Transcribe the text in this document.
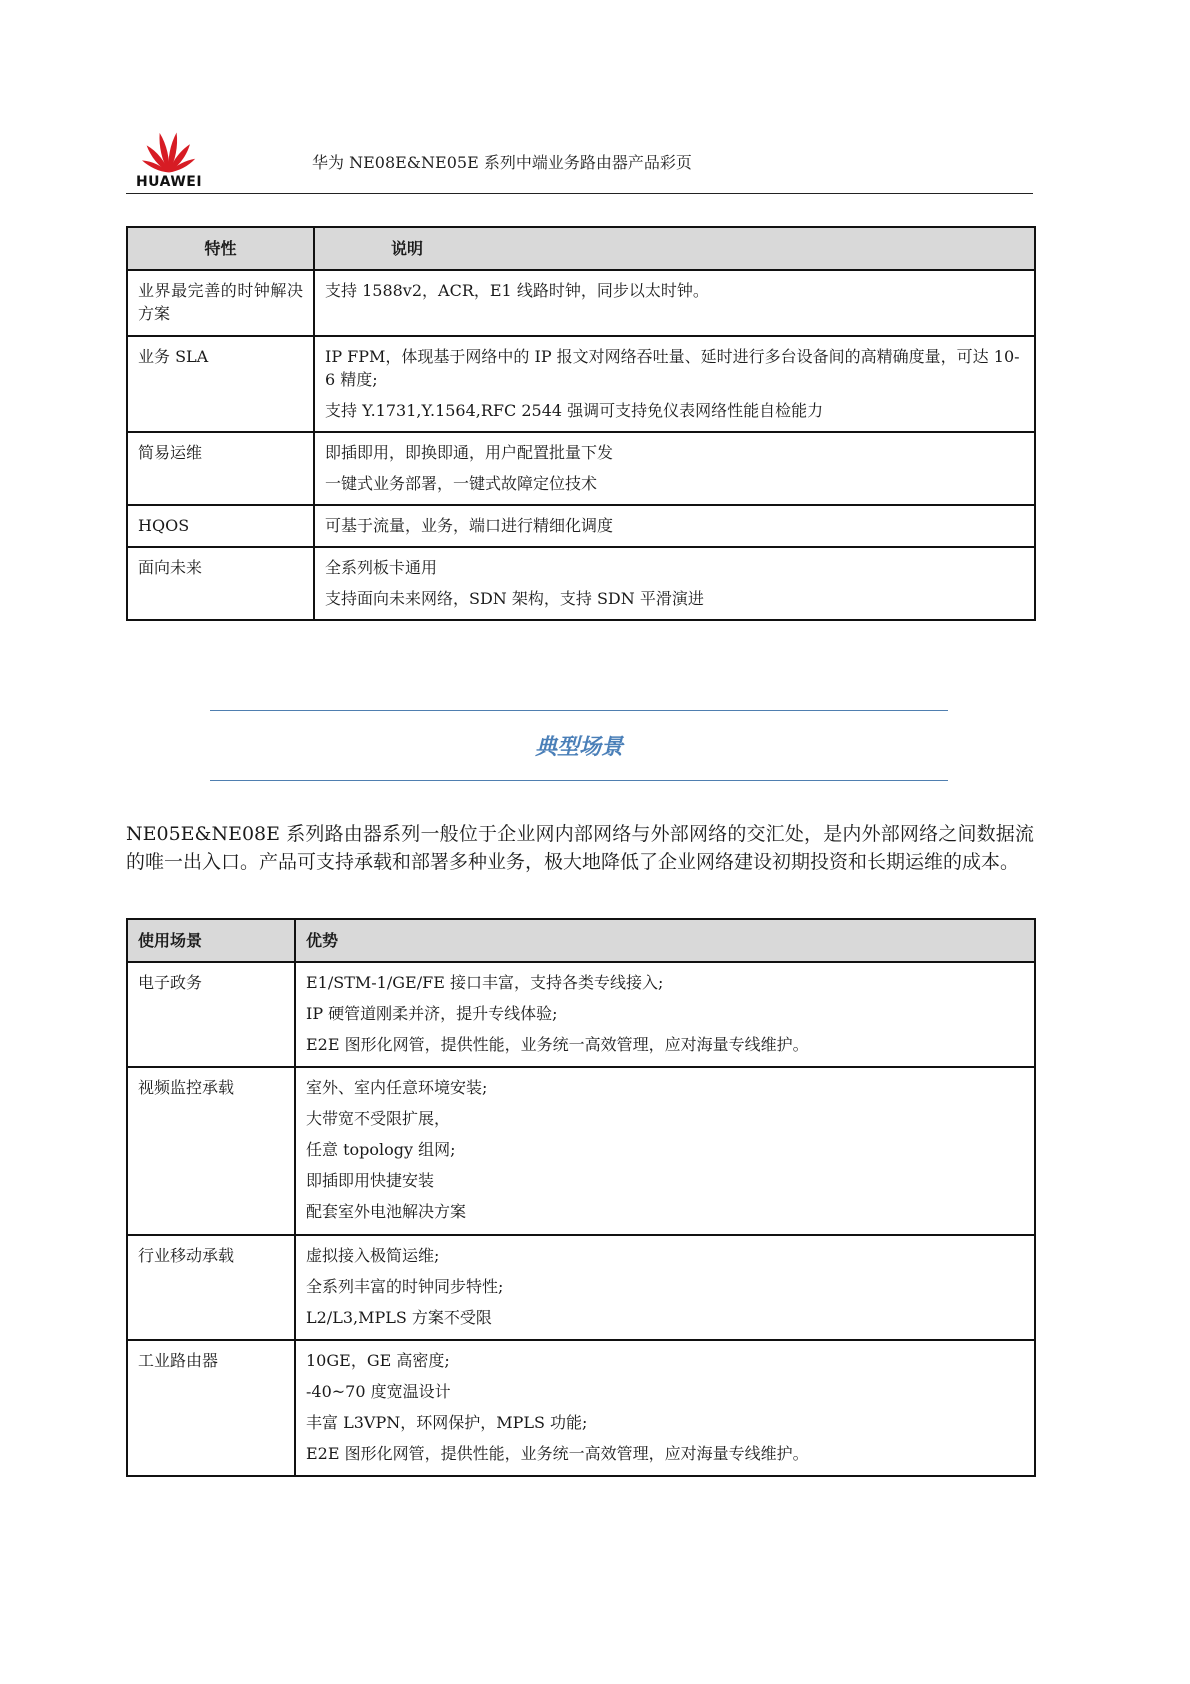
HUAWEI
华为 NE08E&NE05E 系列中端业务路由器产品彩页
特性	说明
业界最完善的时钟解决方案	支持 1588v2，ACR，E1 线路时钟，同步以太时钟。

业务 SLA	IP FPM，体现基于网络中的 IP 报文对网络吞吐量、延时进行多台设备间的高精确度量，可达 10-6 精度;
支持 Y.1731,Y.1564,RFC 2544 强调可支持免仪表网络性能自检能力

简易运维	即插即用，即换即通，用户配置批量下发
一键式业务部署，一键式故障定位技术

HQOS	可基于流量，业务，端口进行精细化调度

面向未来	全系列板卡通用
支持面向未来网络，SDN 架构，支持 SDN 平滑演进
典型场景
NE05E&NE08E 系列路由器系列一般位于企业网内部网络与外部网络的交汇处，是内外部网络之间数据流的唯一出入口。产品可支持承载和部署多种业务，极大地降低了企业网络建设初期投资和长期运维的成本。
使用场景	优势
电子政务	E1/STM-1/GE/FE 接口丰富，支持各类专线接入;
IP 硬管道刚柔并济，提升专线体验;
E2E 图形化网管，提供性能，业务统一高效管理，应对海量专线维护。

视频监控承载	室外、室内任意环境安装;
大带宽不受限扩展，
任意 topology 组网;
即插即用快捷安装
配套室外电池解决方案

行业移动承载	虚拟接入极简运维;
全系列丰富的时钟同步特性;
L2/L3,MPLS 方案不受限

工业路由器	10GE，GE 高密度;
-40~70 度宽温设计
丰富 L3VPN，环网保护，MPLS 功能;
E2E 图形化网管，提供性能，业务统一高效管理，应对海量专线维护。
